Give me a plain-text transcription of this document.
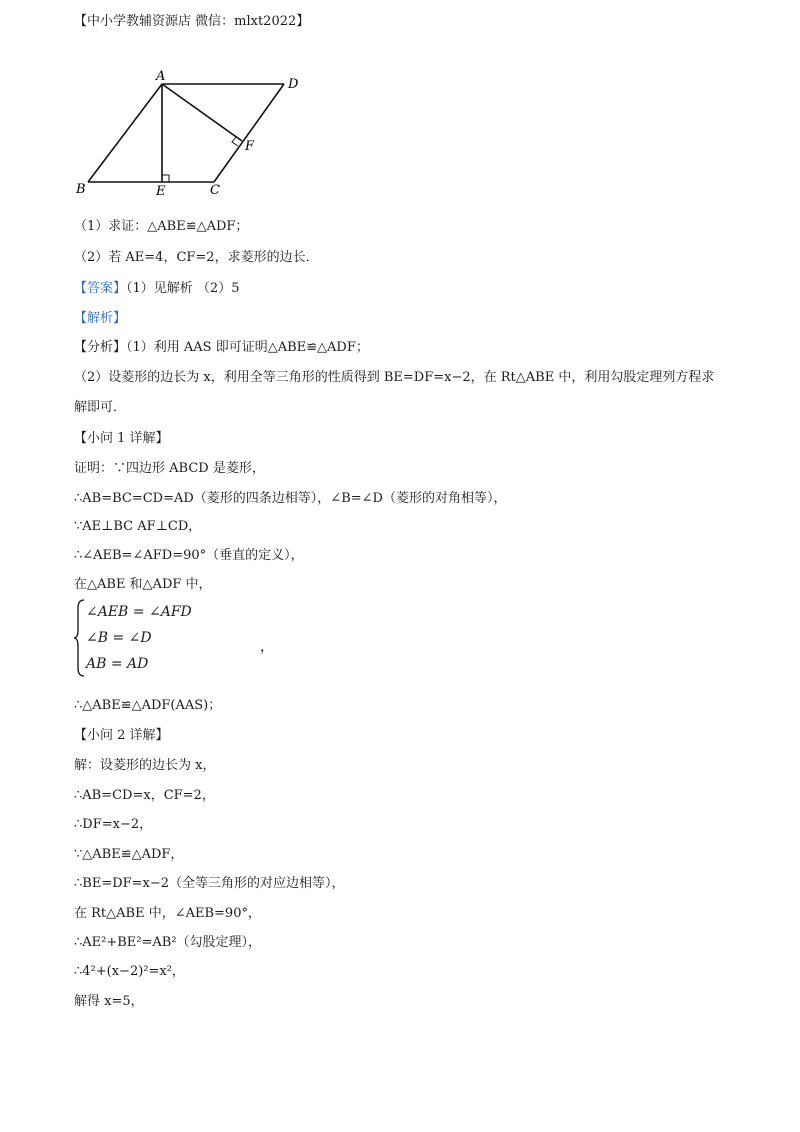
【中小学教辅资源店 微信：mlxt2022】
A
B	C
D
E
F
（1）求证：△ABE≌△ADF；
（2）若 AE=4，CF=2，求菱形的边长．
【答案】（1）见解析 （2）5
【解析】
【分析】（1）利用 AAS 即可证明△ABE≌△ADF；
（2）设菱形的边长为 x，利用全等三角形的性质得到 BE=DF=x−2，在 Rt△ABE 中，利用勾股定理列方程求
解即可．
【小问 1 详解】
证明：∵四边形 ABCD 是菱形，
∴AB=BC=CD=AD（菱形的四条边相等），∠B=∠D（菱形的对角相等），
∵AE⊥BC AF⊥CD，
∴∠AEB=∠AFD=90°（垂直的定义），
在△ABE 和△ADF 中，
∠AEB = ∠AFD
∠B = ∠D
AB = AD
，
∴△ABE≌△ADF(AAS)；
【小问 2 详解】
解：设菱形的边长为 x，
∴AB=CD=x，CF=2，
∴DF=x−2，
∵△ABE≌△ADF，
∴BE=DF=x−2（全等三角形的对应边相等），
在 Rt△ABE 中，∠AEB=90°，
∴AE²+BE²=AB²（勾股定理），
∴4²+(x−2)²=x²，
解得 x=5，
